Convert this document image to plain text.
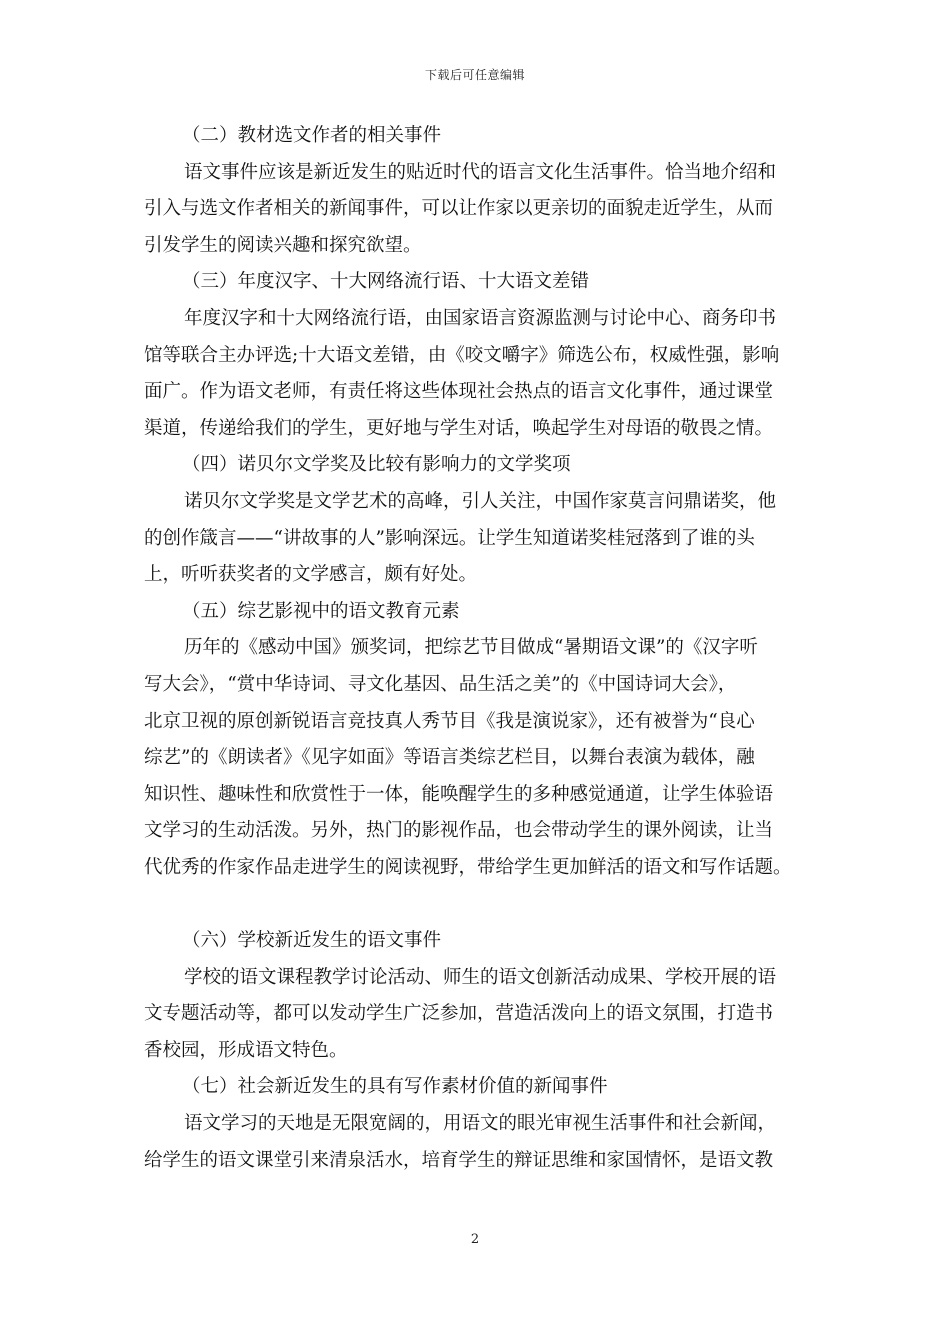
下载后可任意编辑

（二）教材选文作者的相关事件

语文事件应该是新近发生的贴近时代的语言文化生活事件。恰当地介绍和

引入与选文作者相关的新闻事件，可以让作家以更亲切的面貌走近学生，从而

引发学生的阅读兴趣和探究欲望。

（三）年度汉字、十大网络流行语、十大语文差错

年度汉字和十大网络流行语，由国家语言资源监测与讨论中心、商务印书

馆等联合主办评选;十大语文差错，由《咬文嚼字》筛选公布，权威性强，影响

面广。作为语文老师，有责任将这些体现社会热点的语言文化事件，通过课堂

渠道，传递给我们的学生，更好地与学生对话，唤起学生对母语的敬畏之情。

（四）诺贝尔文学奖及比较有影响力的文学奖项

诺贝尔文学奖是文学艺术的高峰，引人关注，中国作家莫言问鼎诺奖，他

的创作箴言——“讲故事的人”影响深远。让学生知道诺奖桂冠落到了谁的头

上，听听获奖者的文学感言，颇有好处。

（五）综艺影视中的语文教育元素

历年的《感动中国》颁奖词，把综艺节目做成“暑期语文课”的《汉字听

写大会》，“赏中华诗词、寻文化基因、品生活之美”的《中国诗词大会》，

北京卫视的原创新锐语言竞技真人秀节目《我是演说家》，还有被誉为“良心

综艺”的《朗读者》《见字如面》等语言类综艺栏目，以舞台表演为载体，融

知识性、趣味性和欣赏性于一体，能唤醒学生的多种感觉通道，让学生体验语

文学习的生动活泼。另外，热门的影视作品，也会带动学生的课外阅读，让当

代优秀的作家作品走进学生的阅读视野，带给学生更加鲜活的语文和写作话题。

（六）学校新近发生的语文事件

学校的语文课程教学讨论活动、师生的语文创新活动成果、学校开展的语

文专题活动等，都可以发动学生广泛参加，营造活泼向上的语文氛围，打造书

香校园，形成语文特色。

（七）社会新近发生的具有写作素材价值的新闻事件

语文学习的天地是无限宽阔的，用语文的眼光审视生活事件和社会新闻，

给学生的语文课堂引来清泉活水，培育学生的辩证思维和家国情怀，是语文教

2
